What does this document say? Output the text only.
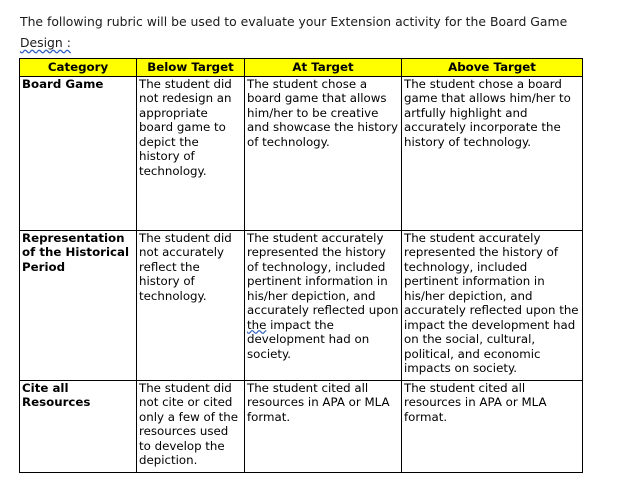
The following rubric will be used to evaluate your Extension activity for the Board Game
Design :
Category	Below Target	At Target	Above Target
Board Game	The student did not redesign an appropriate board game to depict the history of technology.	The student chose a board game that allows him/her to be creative and showcase the history of technology.	The student chose a board game that allows him/her to artfully highlight and accurately incorporate the history of technology.
Representation of the Historical Period	The student did not accurately reflect the history of technology.	The student accurately represented the history of technology, included pertinent information in his/her depiction, and accurately reflected upon the impact the development had on society.	The student accurately represented the history of technology, included pertinent information in his/her depiction, and accurately reflected upon the impact the development had on the social, cultural, political, and economic impacts on society.
Cite all Resources	The student did not cite or cited only a few of the resources used to develop the depiction.	The student cited all resources in APA or MLA format.	The student cited all resources in APA or MLA format.
